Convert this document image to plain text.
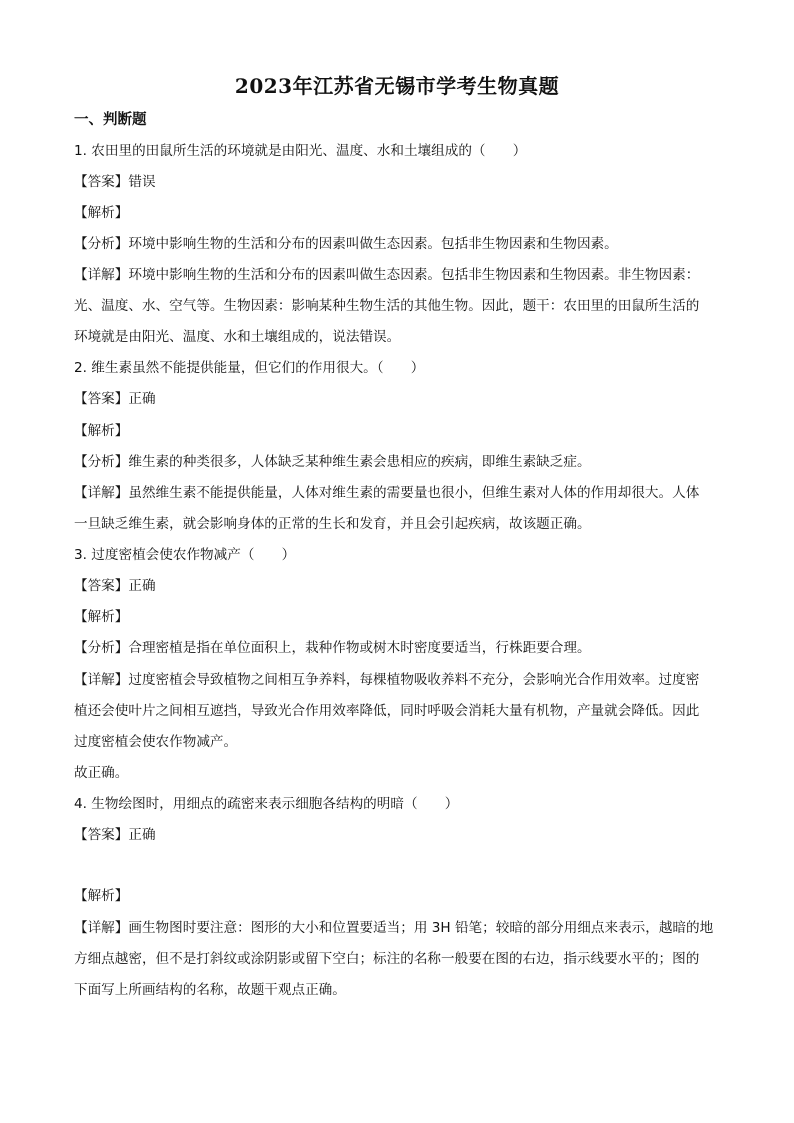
2023年江苏省无锡市学考生物真题
一、判断题
1. 农田里的田鼠所生活的环境就是由阳光、温度、水和土壤组成的（　　）
【答案】错误
【解析】
【分析】环境中影响生物的生活和分布的因素叫做生态因素。包括非生物因素和生物因素。
【详解】环境中影响生物的生活和分布的因素叫做生态因素。包括非生物因素和生物因素。非生物因素：
光、温度、水、空气等。生物因素：影响某种生物生活的其他生物。因此，题干：农田里的田鼠所生活的
环境就是由阳光、温度、水和土壤组成的，说法错误。
2. 维生素虽然不能提供能量，但它们的作用很大。（　　）
【答案】正确
【解析】
【分析】维生素的种类很多，人体缺乏某种维生素会患相应的疾病，即维生素缺乏症。
【详解】虽然维生素不能提供能量，人体对维生素的需要量也很小，但维生素对人体的作用却很大。人体
一旦缺乏维生素，就会影响身体的正常的生长和发育，并且会引起疾病，故该题正确。
3. 过度密植会使农作物减产（　　）
【答案】正确
【解析】
【分析】合理密植是指在单位面积上，栽种作物或树木时密度要适当，行株距要合理。
【详解】过度密植会导致植物之间相互争养料，每棵植物吸收养料不充分，会影响光合作用效率。过度密
植还会使叶片之间相互遮挡，导致光合作用效率降低，同时呼吸会消耗大量有机物，产量就会降低。因此
过度密植会使农作物减产。
故正确。
4. 生物绘图时，用细点的疏密来表示细胞各结构的明暗（　　）
【答案】正确
【解析】
【详解】画生物图时要注意：图形的大小和位置要适当；用 3H 铅笔；较暗的部分用细点来表示，越暗的地
方细点越密，但不是打斜纹或涂阴影或留下空白；标注的名称一般要在图的右边，指示线要水平的；图的
下面写上所画结构的名称，故题干观点正确。
